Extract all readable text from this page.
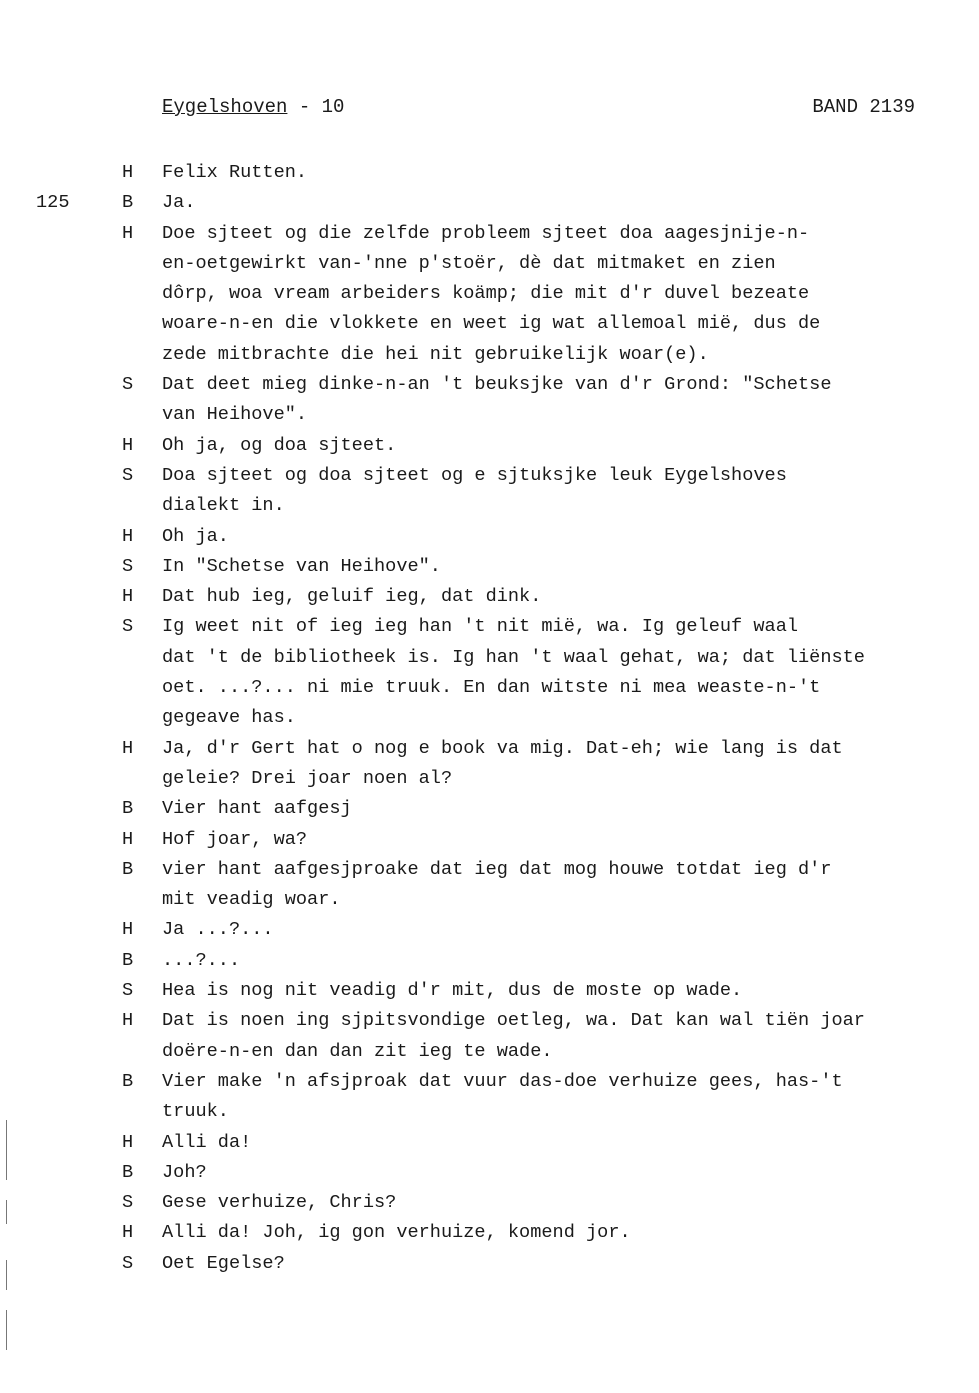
Eygelshoven - 10	BAND 2139
H Felix Rutten.
125	B Ja.
H Doe sjteet og die zelfde probleem sjteet doa aagesjnije-n-
en-oetgewirkt van-'nne p'stoër, dè dat mitmaket en zien
dôrp, woa vream arbeiders koämp; die mit d'r duvel bezeate
woare-n-en die vlokkete en weet ig wat allemoal mië, dus de
zede mitbrachte die hei nit gebruikelijk woar(e).
S Dat deet mieg dinke-n-an 't beuksjke van d'r Grond: "Schetse
van Heihove".
H Oh ja, og doa sjteet.
S Doa sjteet og doa sjteet og e sjtuksjke leuk Eygelshoves
dialekt in.
H Oh ja.
S In "Schetse van Heihove".
H Dat hub ieg, geluif ieg, dat dink.
S Ig weet nit of ieg ieg han 't nit mië, wa. Ig geleuf waal
dat 't de bibliotheek is. Ig han 't waal gehat, wa; dat liënste
oet. ...?... ni mie truuk. En dan witste ni mea weaste-n-'t
gegeave has.
H Ja, d'r Gert hat o nog e book va mig. Dat-eh; wie lang is dat
geleie? Drei joar noen al?
B Vier hant aafgesj
H Hof joar, wa?
B vier hant aafgesjproake dat ieg dat mog houwe totdat ieg d'r
mit veadig woar.
H Ja ...?...
B ...?...
S Hea is nog nit veadig d'r mit, dus de moste op wade.
H Dat is noen ing sjpitsvondige oetleg, wa. Dat kan wal tiën joar
doëre-n-en dan dan zit ieg te wade.
B Vier make 'n afsjproak dat vuur das-doe verhuize gees, has-'t
truuk.
H Alli da!
B Joh?
S Gese verhuize, Chris?
H Alli da! Joh, ig gon verhuize, komend jor.
S Oet Egelse?
